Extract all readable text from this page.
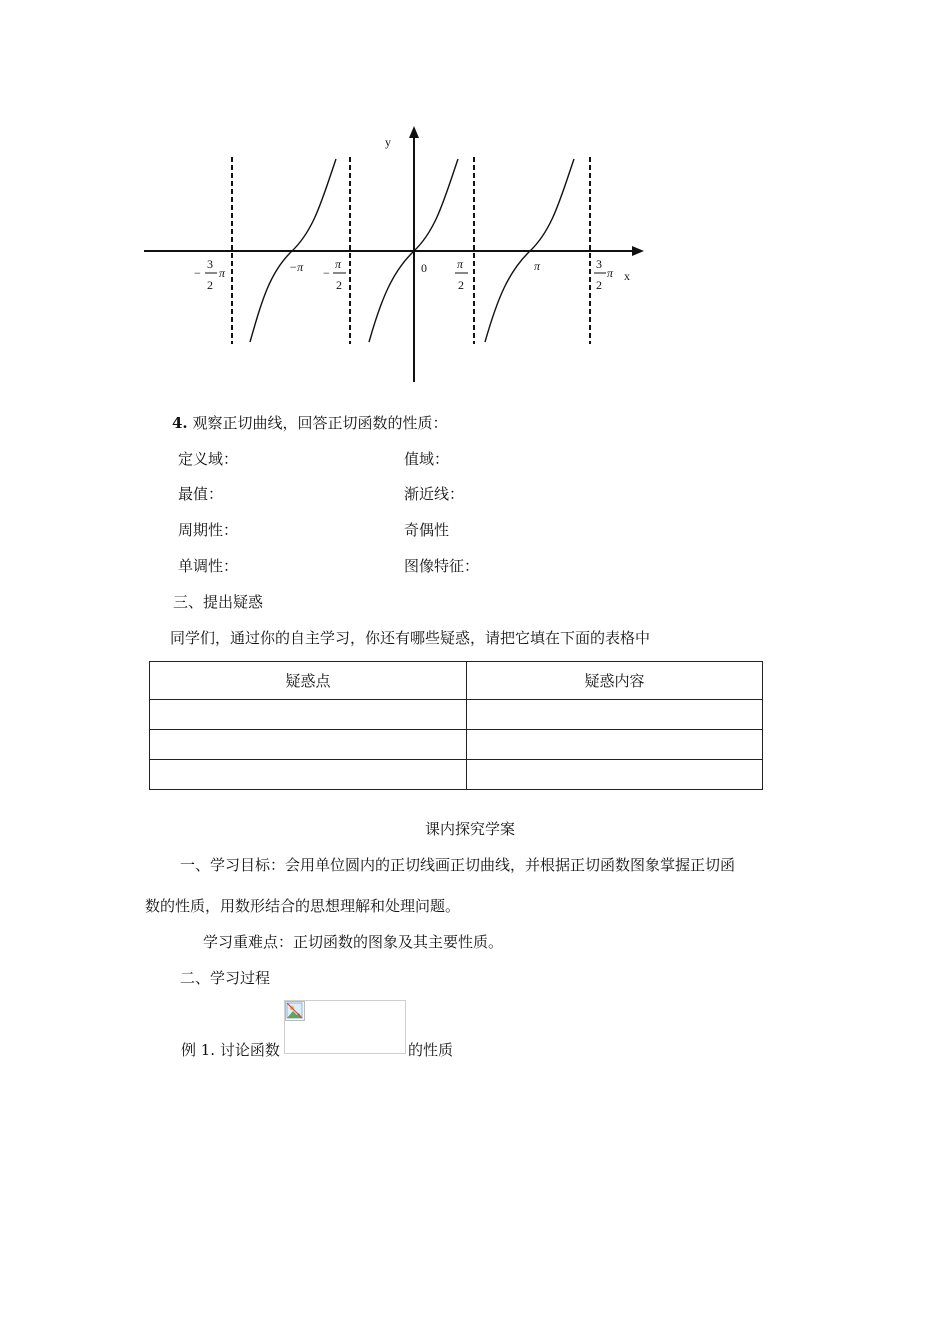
y
x
0
−
3
2
π	−π −
π
2
π
2
π	3
2
π
4. 观察正切曲线，回答正切函数的性质：
定义域：	值域：
最值：	渐近线：
周期性：	奇偶性
单调性：	图像特征：
三、提出疑惑
同学们，通过你的自主学习，你还有哪些疑惑，请把它填在下面的表格中
疑惑点	疑惑内容

课内探究学案
一、学习目标：会用单位圆内的正切线画正切曲线，并根据正切函数图象掌握正切函
数的性质，用数形结合的思想理解和处理问题。
学习重难点：正切函数的图象及其主要性质。
二、学习过程
例 1. 讨论函数	的性质
